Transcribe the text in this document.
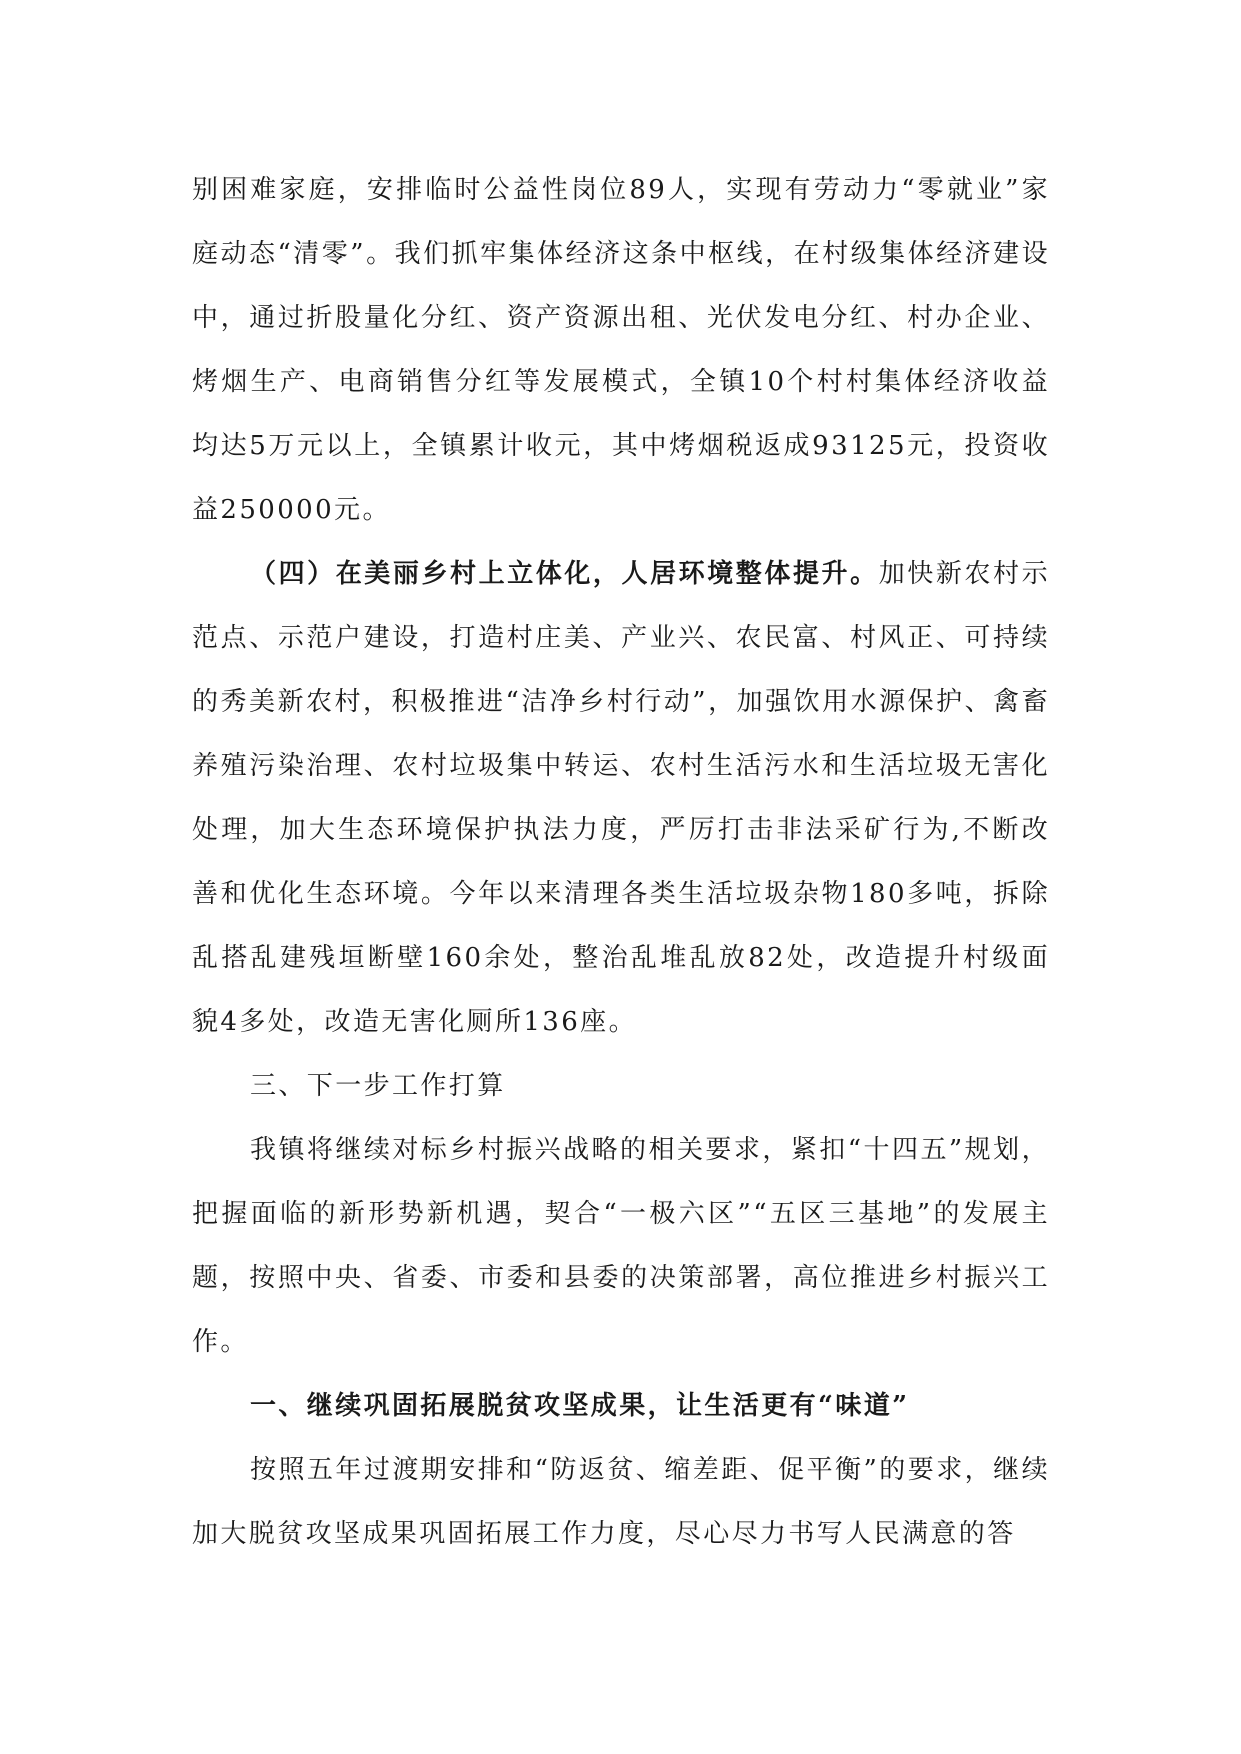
别困难家庭，安排临时公益性岗位89人，实现有劳动力“零就业”家庭动态“清零”。我们抓牢集体经济这条中枢线，在村级集体经济建设中，通过折股量化分红、资产资源出租、光伏发电分红、村办企业、烤烟生产、电商销售分红等发展模式，全镇10个村村集体经济收益均达5万元以上，全镇累计收元，其中烤烟税返成93125元，投资收益250000元。

（四）在美丽乡村上立体化，人居环境整体提升。加快新农村示范点、示范户建设，打造村庄美、产业兴、农民富、村风正、可持续的秀美新农村，积极推进“洁净乡村行动”，加强饮用水源保护、禽畜养殖污染治理、农村垃圾集中转运、农村生活污水和生活垃圾无害化处理，加大生态环境保护执法力度，严厉打击非法采矿行为,不断改善和优化生态环境。今年以来清理各类生活垃圾杂物180多吨，拆除乱搭乱建残垣断壁160余处，整治乱堆乱放82处，改造提升村级面貌4多处，改造无害化厕所136座。

三、下一步工作打算

我镇将继续对标乡村振兴战略的相关要求，紧扣“十四五”规划，把握面临的新形势新机遇，契合“一极六区”“五区三基地”的发展主题，按照中央、省委、市委和县委的决策部署，高位推进乡村振兴工作。

一、继续巩固拓展脱贫攻坚成果，让生活更有“味道”

按照五年过渡期安排和“防返贫、缩差距、促平衡”的要求，继续加大脱贫攻坚成果巩固拓展工作力度，尽心尽力书写人民满意的答
